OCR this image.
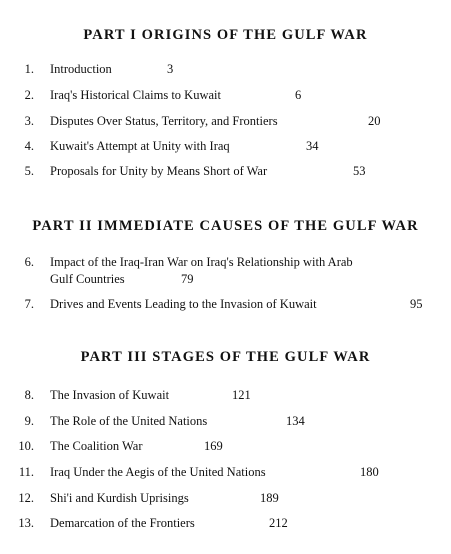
PART I ORIGINS OF THE GULF WAR
1. Introduction	3
2. Iraq's Historical Claims to Kuwait	6
3. Disputes Over Status, Territory, and Frontiers	20
4. Kuwait's Attempt at Unity with Iraq	34
5. Proposals for Unity by Means Short of War	53
PART II IMMEDIATE CAUSES OF THE GULF WAR
6. Impact of the Iraq-Iran War on Iraq's Relationship with Arab
Gulf Countries	79
7. Drives and Events Leading to the Invasion of Kuwait	95
PART III STAGES OF THE GULF WAR
8. The Invasion of Kuwait	121
9. The Role of the United Nations	134
10. The Coalition War	169
11. Iraq Under the Aegis of the United Nations	180
12. Shi'i and Kurdish Uprisings	189
13. Demarcation of the Frontiers	212
